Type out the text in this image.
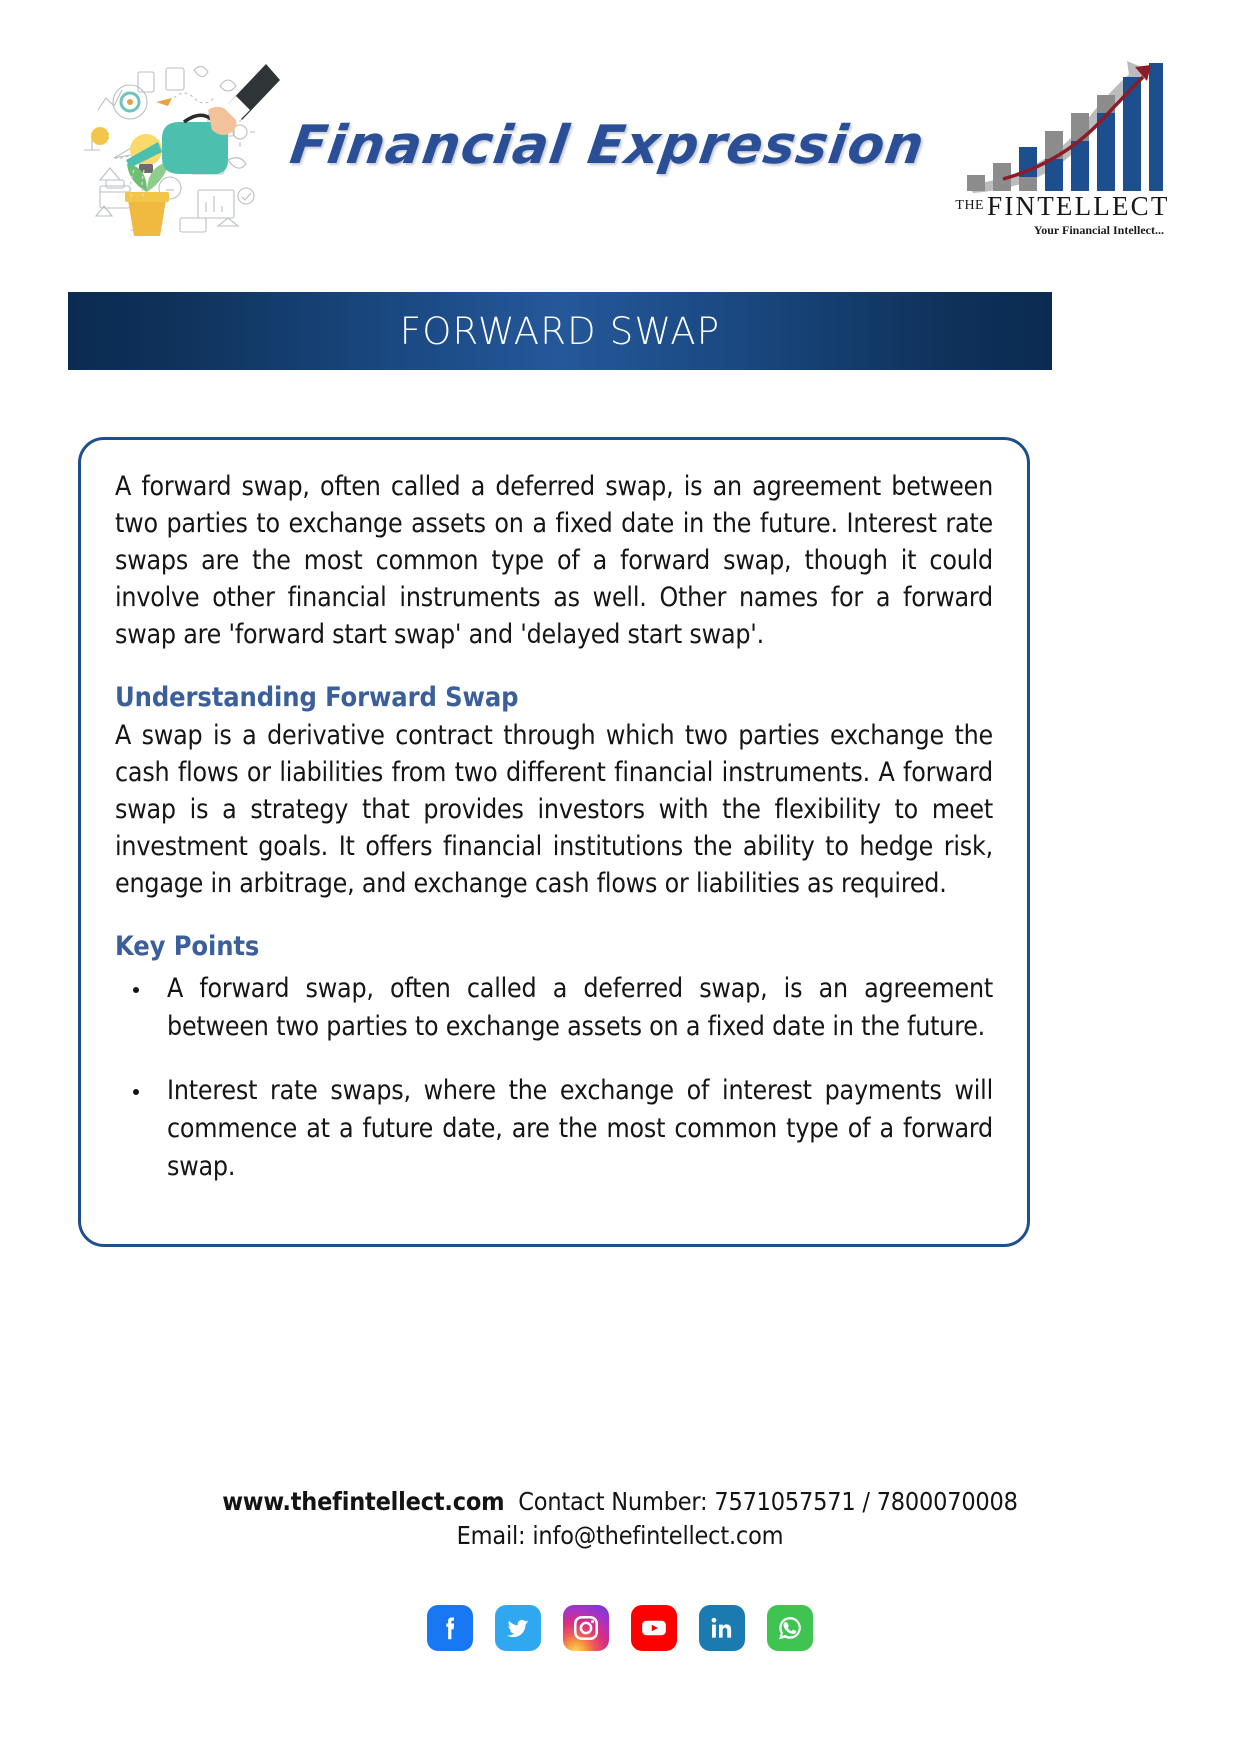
Financial Expression
$^{THE}$ FINTELLECT
Your Financial Intellect...
FORWARD SWAP

A forward swap, often called a deferred swap, is an agreement between two parties to exchange assets on a fixed date in the future. Interest rate swaps are the most common type of a forward swap, though it could involve other financial instruments as well. Other names for a forward swap are 'forward start swap' and 'delayed start swap'.

Understanding Forward Swap

A swap is a derivative contract through which two parties exchange the cash flows or liabilities from two different financial instruments. A forward swap is a strategy that provides investors with the flexibility to meet investment goals. It offers financial institutions the ability to hedge risk, engage in arbitrage, and exchange cash flows or liabilities as required.

Key Points
A forward swap, often called a deferred swap, is an agreement between two parties to exchange assets on a fixed date in the future.
Interest rate swaps, where the exchange of interest payments will commence at a future date, are the most common type of a forward swap.
www.thefintellect.com Contact Number: 7571057571 / 7800070008
Email: info@thefintellect.com
